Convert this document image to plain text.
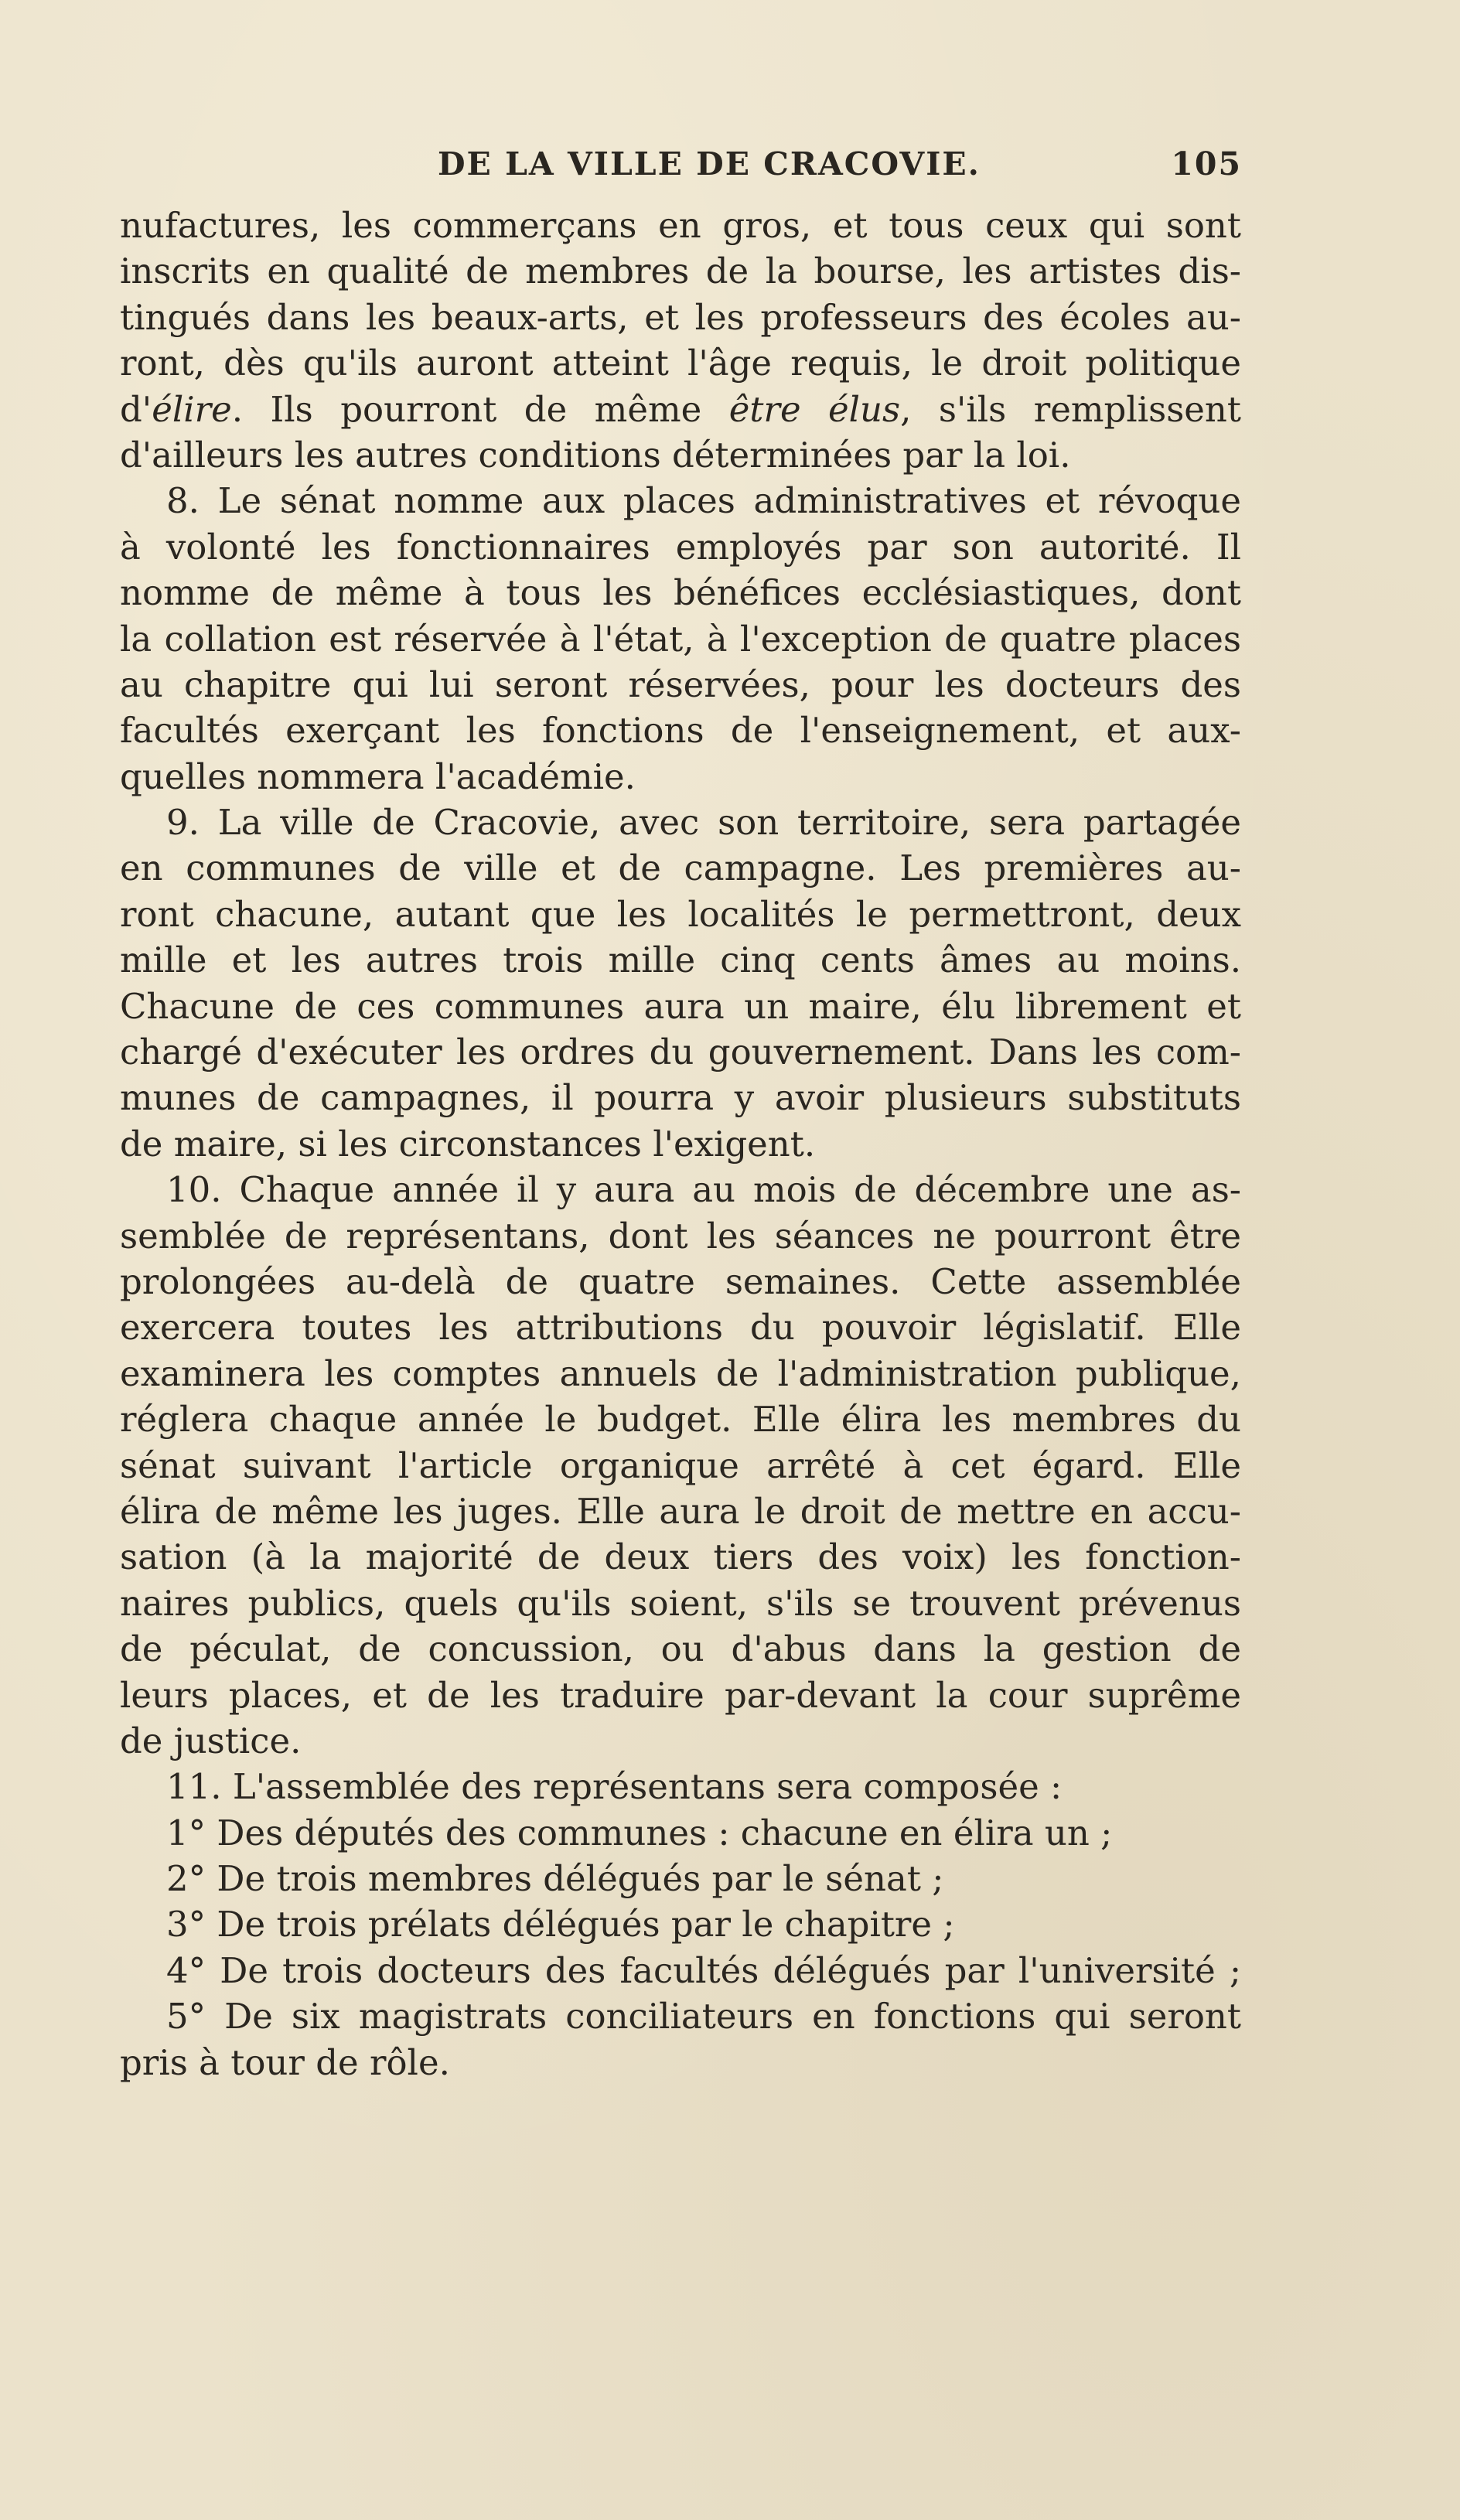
DE LA VILLE DE CRACOVIE.	105
nufactures, les commerçans en gros, et tous ceux qui sont
inscrits en qualité de membres de la bourse, les artistes dis-
tingués dans les beaux-arts, et les professeurs des écoles au-
ront, dès qu'ils auront atteint l'âge requis, le droit politique
d'élire. Ils pourront de même être élus, s'ils remplissent
d'ailleurs les autres conditions déterminées par la loi.
8. Le sénat nomme aux places administratives et révoque
à volonté les fonctionnaires employés par son autorité. Il
nomme de même à tous les bénéfices ecclésiastiques, dont
la collation est réservée à l'état, à l'exception de quatre places
au chapitre qui lui seront réservées, pour les docteurs des
facultés exerçant les fonctions de l'enseignement, et aux-
quelles nommera l'académie.
9. La ville de Cracovie, avec son territoire, sera partagée
en communes de ville et de campagne. Les premières au-
ront chacune, autant que les localités le permettront, deux
mille et les autres trois mille cinq cents âmes au moins.
Chacune de ces communes aura un maire, élu librement et
chargé d'exécuter les ordres du gouvernement. Dans les com-
munes de campagnes, il pourra y avoir plusieurs substituts
de maire, si les circonstances l'exigent.
10. Chaque année il y aura au mois de décembre une as-
semblée de représentans, dont les séances ne pourront être
prolongées au-delà de quatre semaines. Cette assemblée
exercera toutes les attributions du pouvoir législatif. Elle
examinera les comptes annuels de l'administration publique,
réglera chaque année le budget. Elle élira les membres du
sénat suivant l'article organique arrêté à cet égard. Elle
élira de même les juges. Elle aura le droit de mettre en accu-
sation (à la majorité de deux tiers des voix) les fonction-
naires publics, quels qu'ils soient, s'ils se trouvent prévenus
de péculat, de concussion, ou d'abus dans la gestion de
leurs places, et de les traduire par-devant la cour suprême
de justice.
11. L'assemblée des représentans sera composée :
1° Des députés des communes : chacune en élira un ;
2° De trois membres délégués par le sénat ;
3° De trois prélats délégués par le chapitre ;
4° De trois docteurs des facultés délégués par l'université ;
5° De six magistrats conciliateurs en fonctions qui seront
pris à tour de rôle.
